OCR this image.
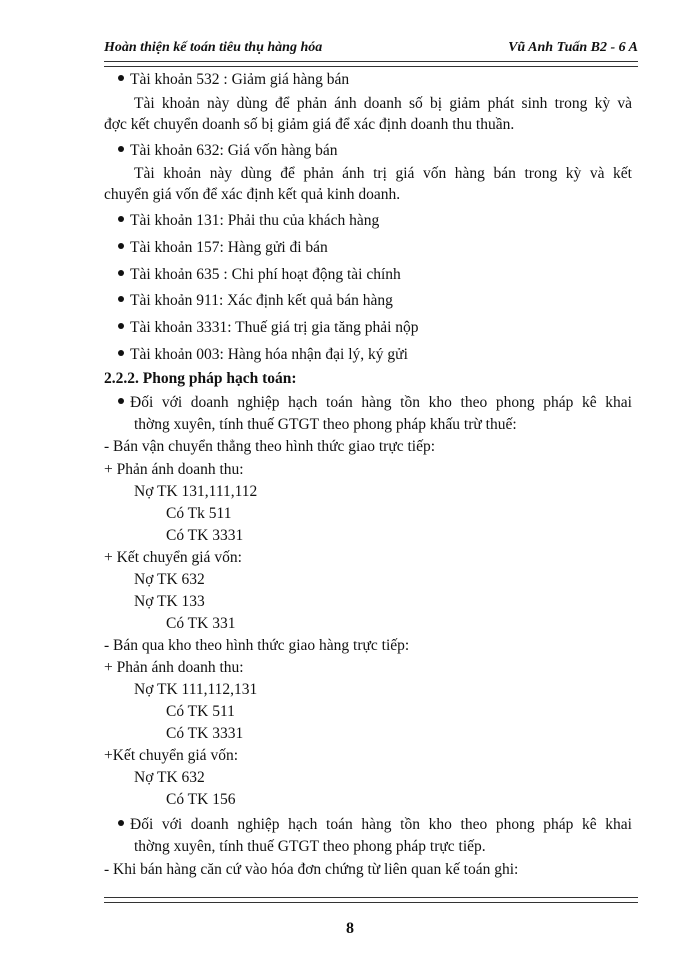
Hoàn thiện kế toán tiêu thụ hàng hóa	Vũ Anh Tuấn B2 - 6 A
Tài khoản 532 : Giảm giá hàng bán
Tài khoản này dùng để phản ánh doanh số bị giảm phát sinh trong kỳ và
đợc kết chuyển doanh số bị giảm giá để xác định doanh thu thuần.
Tài khoản 632: Giá vốn hàng bán
Tài khoản này dùng để phản ánh trị giá vốn hàng bán trong kỳ và kết
chuyển giá vốn để xác định kết quả kinh doanh.
Tài khoản 131: Phải thu của khách hàng
Tài khoản 157: Hàng gửi đi bán
Tài khoản 635 : Chi phí hoạt động tài chính
Tài khoản 911: Xác định kết quả bán hàng
Tài khoản 3331: Thuế giá trị gia tăng phải nộp
Tài khoản 003: Hàng hóa nhận đại lý, ký gửi
2.2.2. Phong pháp hạch toán:
Đối với doanh nghiệp hạch toán hàng tồn kho theo phong pháp kê khai
thờng xuyên, tính thuế GTGT theo phong pháp khấu trừ thuế:
- Bán vận chuyển thẳng theo hình thức giao trực tiếp:
+ Phản ánh doanh thu:
Nợ TK 131,111,112
Có Tk 511
Có TK 3331
+ Kết chuyển giá vốn:
Nợ TK 632
Nợ TK 133
Có TK 331
- Bán qua kho theo hình thức giao hàng trực tiếp:
+ Phản ánh doanh thu:
Nợ TK 111,112,131
Có TK 511
Có TK 3331
+Kết chuyển giá vốn:
Nợ TK 632
Có TK 156
Đối với doanh nghiệp hạch toán hàng tồn kho theo phong pháp kê khai
thờng xuyên, tính thuế GTGT theo phong pháp trực tiếp.
- Khi bán hàng căn cứ vào hóa đơn chứng từ liên quan kế toán ghi:
8
